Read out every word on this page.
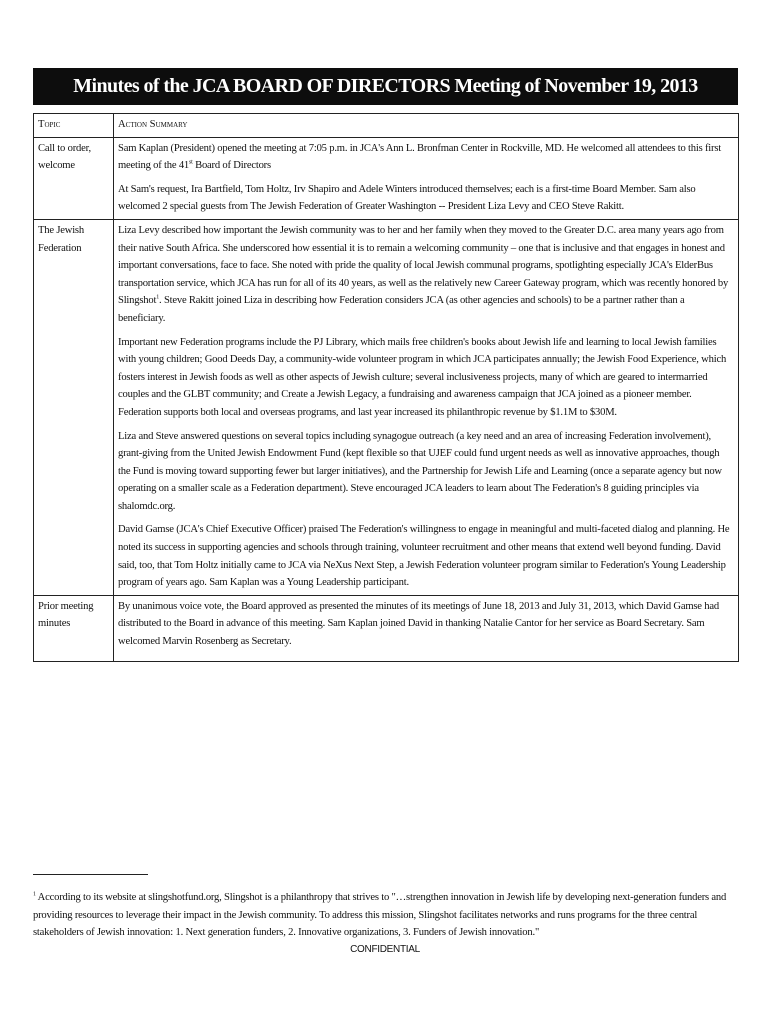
Minutes of the JCA BOARD OF DIRECTORS Meeting of November 19, 2013
Topic	Action Summary
Call to order, welcome	Sam Kaplan (President) opened the meeting at 7:05 p.m. in JCA's Ann L. Bronfman Center in Rockville, MD. He welcomed all attendees to this first meeting of the 41st Board of Directors

At Sam's request, Ira Bartfield, Tom Holtz, Irv Shapiro and Adele Winters introduced themselves; each is a first-time Board Member. Sam also welcomed 2 special guests from The Jewish Federation of Greater Washington -- President Liza Levy and CEO Steve Rakitt.

The Jewish Federation	Liza Levy described how important the Jewish community was to her and her family when they moved to the Greater D.C. area many years ago from their native South Africa. She underscored how essential it is to remain a welcoming community – one that is inclusive and that engages in honest and important conversations, face to face. She noted with pride the quality of local Jewish communal programs, spotlighting especially JCA's ElderBus transportation service, which JCA has run for all of its 40 years, as well as the relatively new Career Gateway program, which was recently honored by Slingshot$^1$. Steve Rakitt joined Liza in describing how Federation considers JCA (as other agencies and schools) to be a partner rather than a beneficiary.

Important new Federation programs include the PJ Library, which mails free children's books about Jewish life and learning to local Jewish families with young children; Good Deeds Day, a community-wide volunteer program in which JCA participates annually; the Jewish Food Experience, which fosters interest in Jewish foods as well as other aspects of Jewish culture; several inclusiveness projects, many of which are geared to intermarried couples and the GLBT community; and Create a Jewish Legacy, a fundraising and awareness campaign that JCA joined as a pioneer member. Federation supports both local and overseas programs, and last year increased its philanthropic revenue by $1.1M to $30M.

Liza and Steve answered questions on several topics including synagogue outreach (a key need and an area of increasing Federation involvement), grant-giving from the United Jewish Endowment Fund (kept flexible so that UJEF could fund urgent needs as well as innovative approaches, though the Fund is moving toward supporting fewer but larger initiatives), and the Partnership for Jewish Life and Learning (once a separate agency but now operating on a smaller scale as a Federation department). Steve encouraged JCA leaders to learn about The Federation's 8 guiding principles via shalomdc.org.

David Gamse (JCA's Chief Executive Officer) praised The Federation's willingness to engage in meaningful and multi-faceted dialog and planning. He noted its success in supporting agencies and schools through training, volunteer recruitment and other means that extend well beyond funding. David said, too, that Tom Holtz initially came to JCA via NeXus Next Step, a Jewish Federation volunteer program similar to Federation's Young Leadership program of years ago. Sam Kaplan was a Young Leadership participant.

Prior meeting minutes	By unanimous voice vote, the Board approved as presented the minutes of its meetings of June 18, 2013 and July 31, 2013, which David Gamse had distributed to the Board in advance of this meeting. Sam Kaplan joined David in thanking Natalie Cantor for her service as Board Secretary. Sam welcomed Marvin Rosenberg as Secretary.

$^1$ According to its website at slingshotfund.org, Slingshot is a philanthropy that strives to "…strengthen innovation in Jewish life by developing next-generation funders and providing resources to leverage their impact in the Jewish community. To address this mission, Slingshot facilitates networks and runs programs for the three central stakeholders of Jewish innovation: 1. Next generation funders, 2. Innovative organizations, 3. Funders of Jewish innovation."
CONFIDENTIAL
